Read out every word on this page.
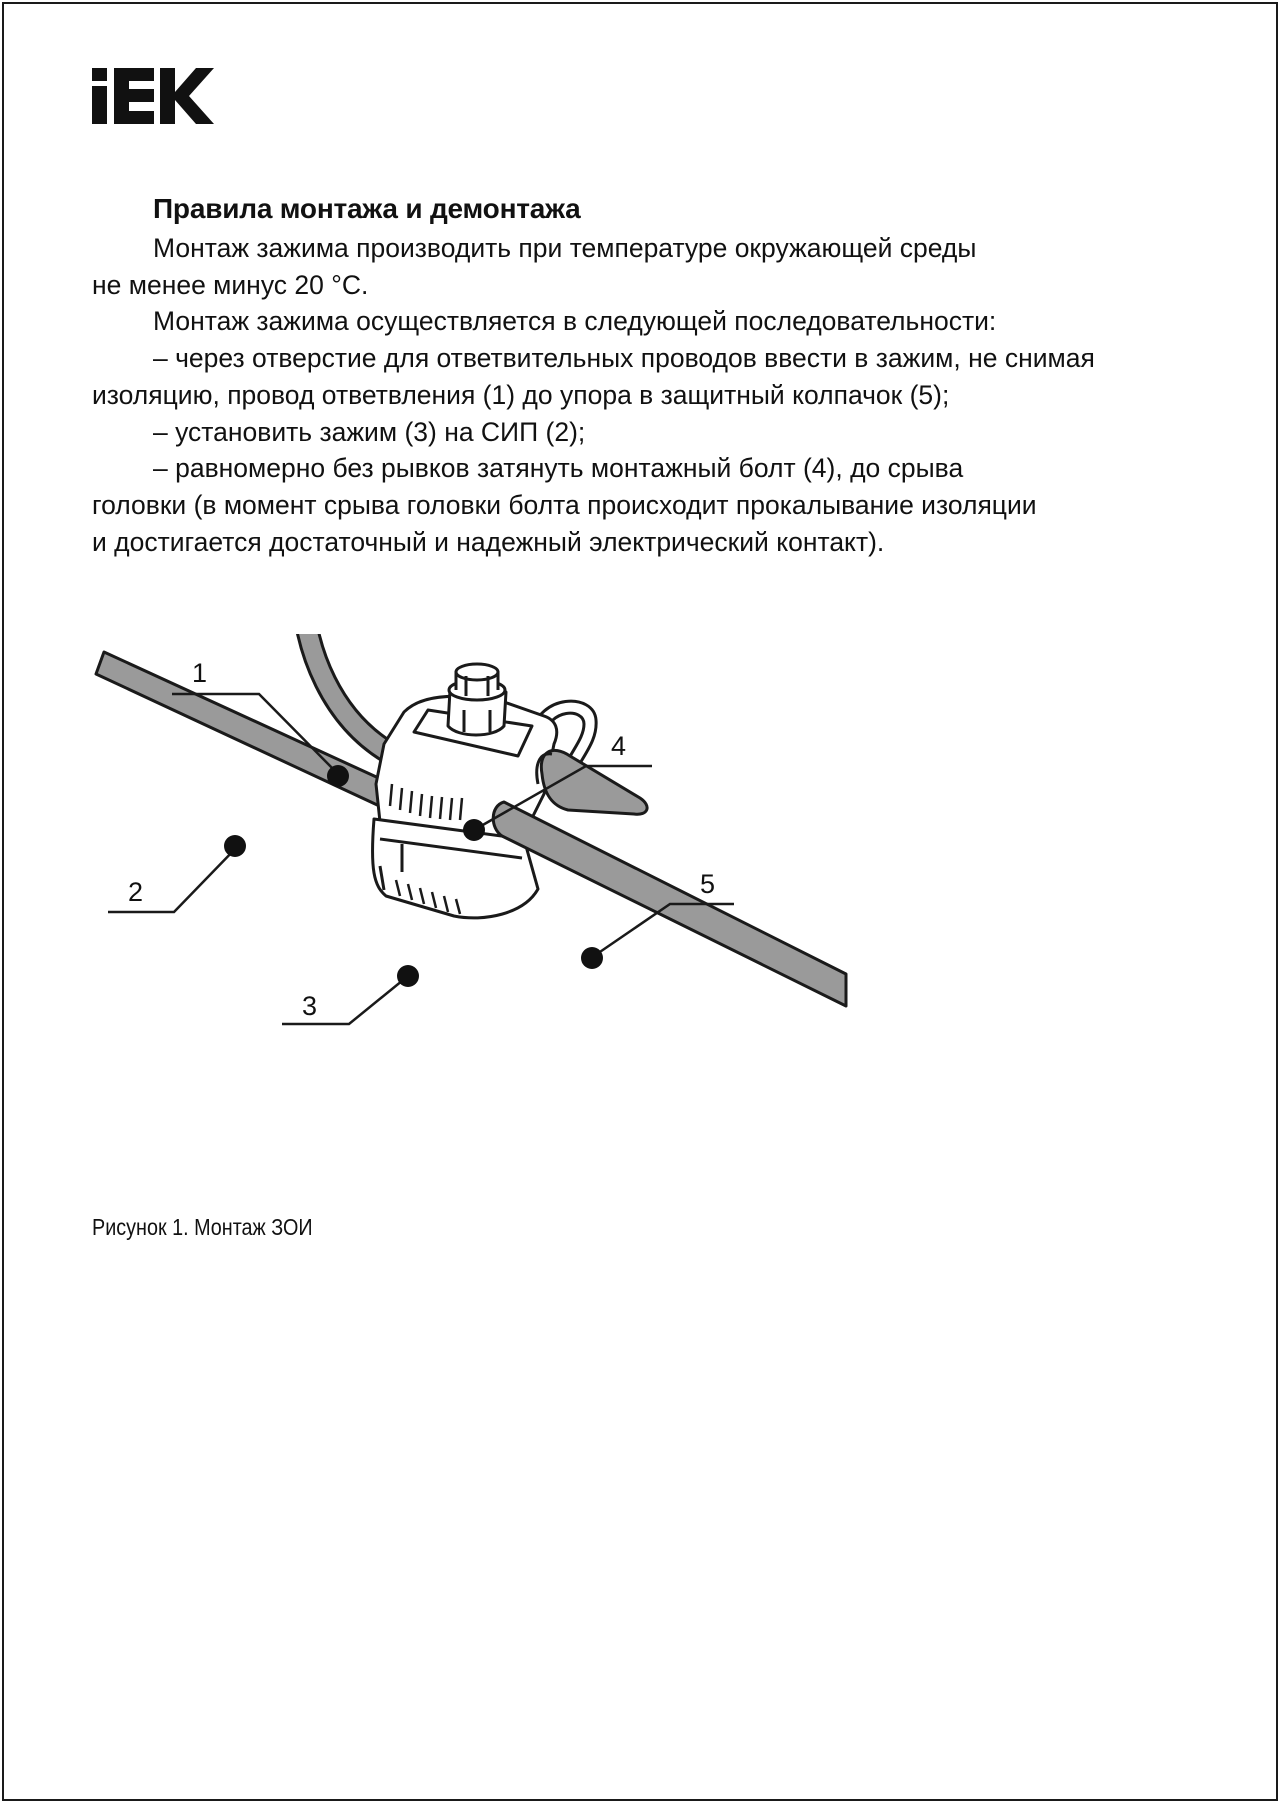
Правила монтажа и демонтажа

Монтаж зажима производить при температуре окружающей среды

не менее минус 20 °С.

Монтаж зажима осуществляется в следующей последовательности:

– через отверстие для ответвительных проводов ввести в зажим, не снимая

изоляцию, провод ответвления (1) до упора в защитный колпачок (5);

– установить зажим (3) на СИП (2);

– равномерно без рывков затянуть монтажный болт (4), до срыва

головки (в момент срыва головки болта происходит прокалывание изоляции

и достигается достаточный и надежный электрический контакт).

1
2
3
4
5

Рисунок 1. Монтаж ЗОИ
